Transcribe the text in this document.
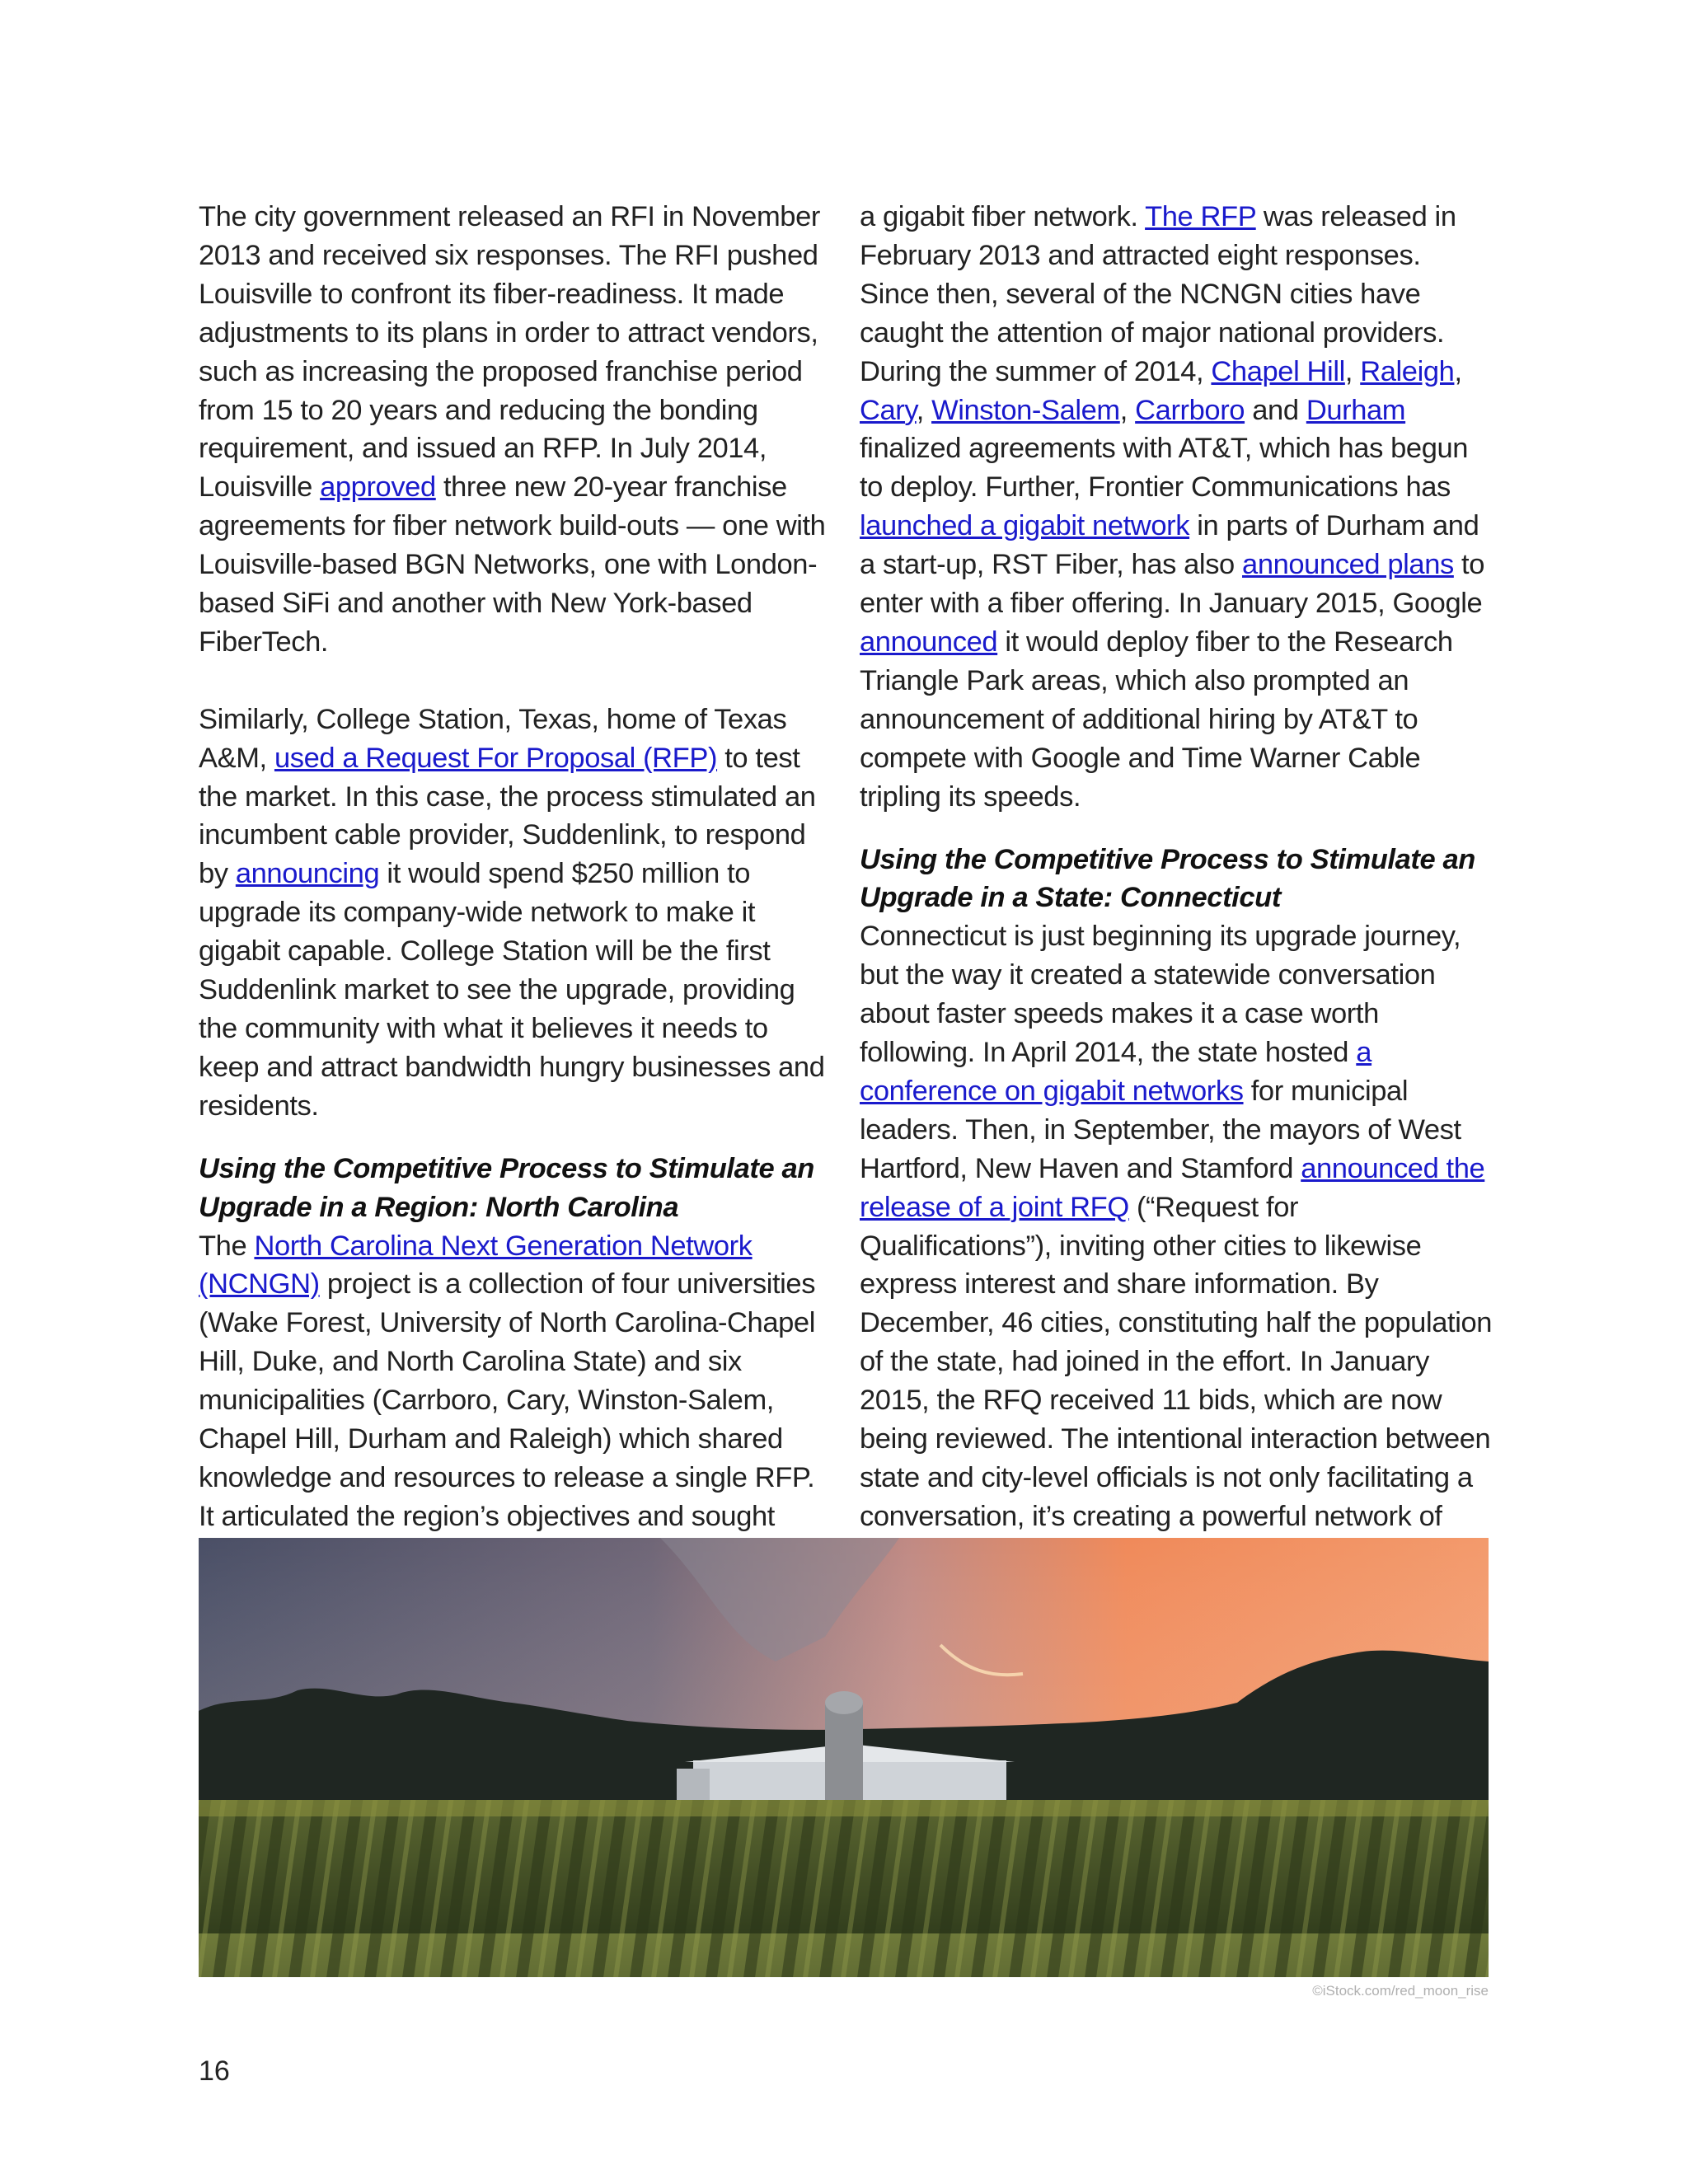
The city government released an RFI in November 2013 and received six responses. The RFI pushed Louisville to confront its fiber-readiness. It made adjustments to its plans in order to attract vendors, such as increasing the proposed franchise period from 15 to 20 years and reducing the bonding requirement, and issued an RFP. In July 2014, Louisville approved three new 20-year franchise agreements for fiber network build-outs — one with Louisville-based BGN Networks, one with London-based SiFi and another with New York-based FiberTech.

Similarly, College Station, Texas, home of Texas A&M, used a Request For Proposal (RFP) to test the market. In this case, the process stimulated an incumbent cable provider, Suddenlink, to respond by announcing it would spend $250 million to upgrade its company-wide network to make it gigabit capable. College Station will be the first Suddenlink market to see the upgrade, providing the community with what it believes it needs to keep and attract bandwidth hungry businesses and residents.

Using the Competitive Process to Stimulate an Upgrade in a Region: North Carolina

The North Carolina Next Generation Network (NCNGN) project is a collection of four universities (Wake Forest, University of North Carolina-Chapel Hill, Duke, and North Carolina State) and six municipalities (Carrboro, Cary, Winston-Salem, Chapel Hill, Durham and Raleigh) which shared knowledge and resources to release a single RFP. It articulated the region’s objectives and sought

a gigabit fiber network. The RFP was released in February 2013 and attracted eight responses. Since then, several of the NCNGN cities have caught the attention of major national providers. During the summer of 2014, Chapel Hill, Raleigh, Cary, Winston-Salem, Carrboro and Durham finalized agreements with AT&T, which has begun to deploy. Further, Frontier Communications has launched a gigabit network in parts of Durham and a start-up, RST Fiber, has also announced plans to enter with a fiber offering. In January 2015, Google announced it would deploy fiber to the Research Triangle Park areas, which also prompted an announcement of additional hiring by AT&T to compete with Google and Time Warner Cable tripling its speeds.

Using the Competitive Process to Stimulate an Upgrade in a State: Connecticut

Connecticut is just beginning its upgrade journey, but the way it created a statewide conversation about faster speeds makes it a case worth following. In April 2014, the state hosted a conference on gigabit networks for municipal leaders. Then, in September, the mayors of West Hartford, New Haven and Stamford announced the release of a joint RFQ (“Request for Qualifications”), inviting other cities to likewise express interest and share information. By December, 46 cities, constituting half the population of the state, had joined in the effort. In January 2015, the RFQ received 11 bids, which are now being reviewed. The intentional interaction between state and city-level officials is not only facilitating a conversation, it’s creating a powerful network of

©iStock.com/red_moon_rise
16
